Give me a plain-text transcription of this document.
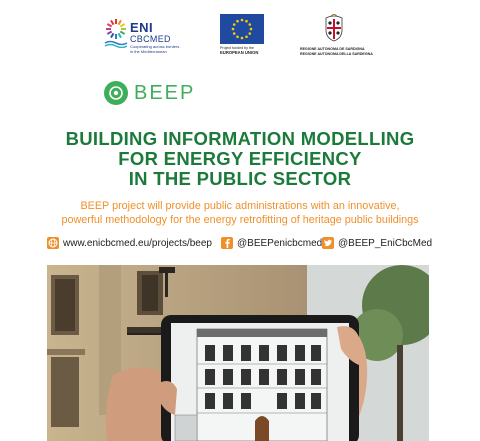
ENI
CBCMED
Cooperating across borders
in the Mediterranean
Project funded by the
EUROPEAN UNION
REGIONE AUTONOMA DE SARDIGNA
REGIONE AUTONOMA DELLA SARDEGNA
BEEP
BUILDING INFORMATION MODELLING
FOR ENERGY EFFICIENCY
IN THE PUBLIC SECTOR
BEEP project will provide public administrations with an innovative,
powerful methodology for the energy retrofitting of heritage public buildings
www.enicbcmed.eu/projects/beep	@BEEPenicbcmed @BEEP_EniCbcMed
